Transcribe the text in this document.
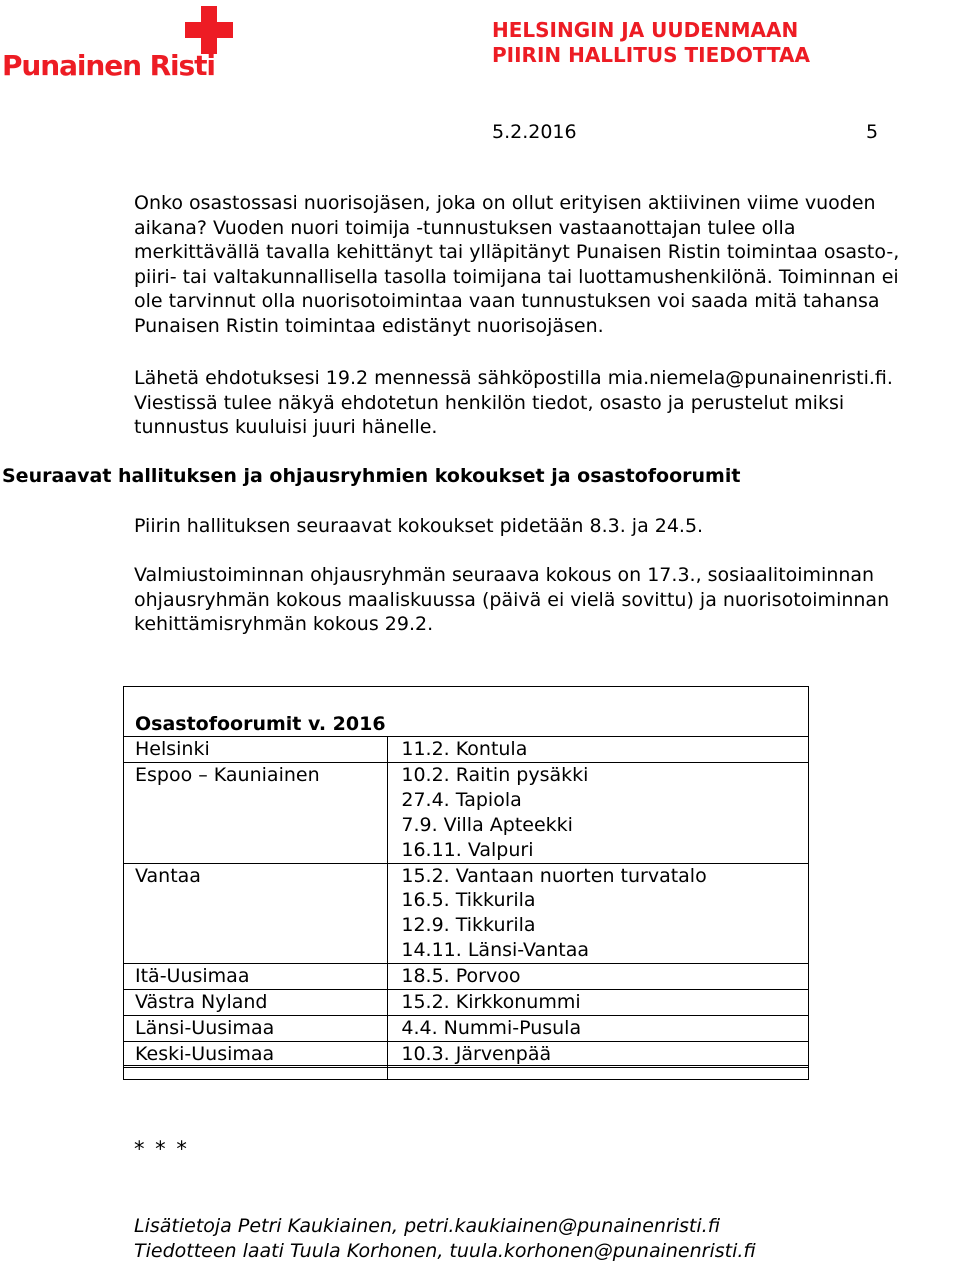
Punainen Risti
HELSINGIN JA UUDENMAAN
PIIRIN HALLITUS TIEDOTTAA
5.2.2016	5
Onko osastossasi nuorisojäsen, joka on ollut erityisen aktiivinen viime vuoden
aikana? Vuoden nuori toimija -tunnustuksen vastaanottajan tulee olla
merkittävällä tavalla kehittänyt tai ylläpitänyt Punaisen Ristin toimintaa osasto-,
piiri- tai valtakunnallisella tasolla toimijana tai luottamushenkilönä. Toiminnan ei
ole tarvinnut olla nuorisotoimintaa vaan tunnustuksen voi saada mitä tahansa
Punaisen Ristin toimintaa edistänyt nuorisojäsen.
Lähetä ehdotuksesi 19.2 mennessä sähköpostilla mia.niemela@punainenristi.fi.
Viestissä tulee näkyä ehdotetun henkilön tiedot, osasto ja perustelut miksi
tunnustus kuuluisi juuri hänelle.
Seuraavat hallituksen ja ohjausryhmien kokoukset ja osastofoorumit
Piirin hallituksen seuraavat kokoukset pidetään 8.3. ja 24.5.
Valmiustoiminnan ohjausryhmän seuraava kokous on 17.3., sosiaalitoiminnan
ohjausryhmän kokous maaliskuussa (päivä ei vielä sovittu) ja nuorisotoiminnan
kehittämisryhmän kokous 29.2.
Osastofoorumit v. 2016
Helsinki	11.2. Kontula

Espoo – Kauniainen	10.2. Raitin pysäkki
27.4. Tapiola
7.9. Villa Apteekki
16.11. Valpuri

Vantaa	15.2. Vantaan nuorten turvatalo
16.5. Tikkurila
12.9. Tikkurila
14.11. Länsi-Vantaa

Itä-Uusimaa	18.5. Porvoo

Västra Nyland	15.2. Kirkkonummi

Länsi-Uusimaa	4.4. Nummi-Pusula

Keski-Uusimaa	10.3. Järvenpää

* * *
Lisätietoja Petri Kaukiainen, petri.kaukiainen@punainenristi.fi
Tiedotteen laati Tuula Korhonen, tuula.korhonen@punainenristi.fi
